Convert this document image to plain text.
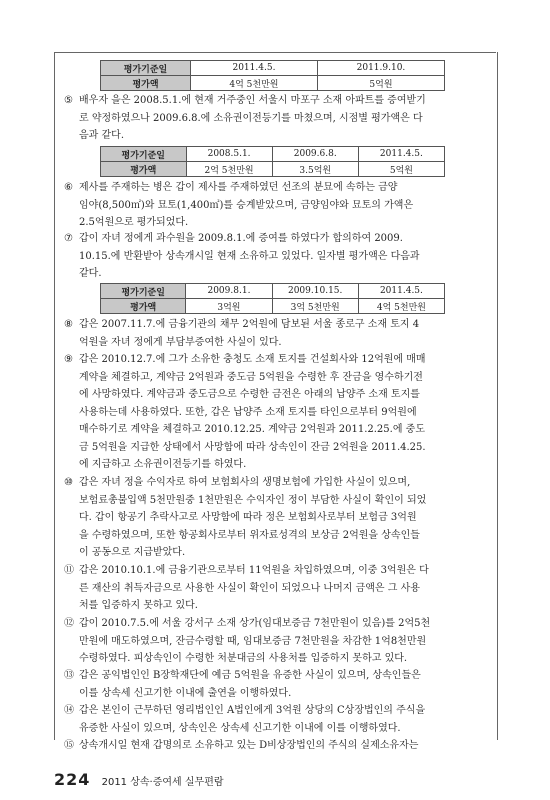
평가기준일	2011.4.5.	2011.9.10.
평가액	4억 5천만원	5억원
⑤ 배우자 을은 2008.5.1.에 현재 거주중인 서울시 마포구 소재 아파트를 증여받기
로 약정하였으나 2009.6.8.에 소유권이전등기를 마쳤으며, 시점별 평가액은 다
음과 같다.
평가기준일	2008.5.1.	2009.6.8.	2011.4.5.
평가액	2억 5천만원	3.5억원	5억원
⑥ 제사를 주재하는 병은 갑이 제사를 주재하였던 선조의 분묘에 속하는 금양
임야(8,500㎡)와 묘토(1,400㎡)를 승계받았으며, 금양임야와 묘토의 가액은
2.5억원으로 평가되었다.
⑦ 갑이 자녀 정에게 과수원을 2009.8.1.에 증여를 하였다가 합의하여 2009.
10.15.에 반환받아 상속개시일 현재 소유하고 있었다. 일자별 평가액은 다음과
같다.
평가기준일	2009.8.1.	2009.10.15.	2011.4.5.
평가액	3억원	3억 5천만원	4억 5천만원
⑧ 갑은 2007.11.7.에 금융기관의 채무 2억원에 담보된 서울 종로구 소재 토지 4
억원을 자녀 정에게 부담부증여한 사실이 있다.
⑨ 갑은 2010.12.7.에 그가 소유한 충청도 소재 토지를 건설회사와 12억원에 매매
계약을 체결하고, 계약금 2억원과 중도금 5억원을 수령한 후 잔금을 영수하기전
에 사망하였다. 계약금과 중도금으로 수령한 금전은 아래의 납양주 소재 토지를
사용하는데 사용하였다. 또한, 갑은 납양주 소재 토지를 타인으로부터 9억원에
매수하기로 계약을 체결하고 2010.12.25. 계약금 2억원과 2011.2.25.에 중도
금 5억원을 지급한 상태에서 사망함에 따라 상속인이 잔금 2억원을 2011.4.25.
에 지급하고 소유권이전등기를 하였다.
⑩ 갑은 자녀 정을 수익자로 하여 보험회사의 생명보험에 가입한 사실이 있으며,
보험료총불입액 5천만원중 1천만원은 수익자인 정이 부담한 사실이 확인이 되었
다. 갑이 항공기 추락사고로 사망함에 따라 정은 보험회사로부터 보험금 3억원
을 수령하였으며, 또한 항공회사로부터 위자료성격의 보상금 2억원을 상속인들
이 공동으로 지급받았다.
⑪ 갑은 2010.10.1.에 금융기관으로부터 11억원을 차입하였으며, 이중 3억원은 다
른 재산의 취득자금으로 사용한 사실이 확인이 되었으나 나머지 금액은 그 사용
처를 입증하지 못하고 있다.
⑫ 갑이 2010.7.5.에 서울 강서구 소재 상가(임대보증금 7천만원이 있음)를 2억5천
만원에 매도하였으며, 잔금수령할 때, 임대보증금 7천만원을 차감한 1억8천만원
수령하였다. 피상속인이 수령한 처분대금의 사용처를 입증하지 못하고 있다.
⑬ 갑은 공익법인인 B장학재단에 예금 5억원을 유증한 사실이 있으며, 상속인들은
이를 상속세 신고기한 이내에 출연을 이행하였다.
⑭ 갑은 본인이 근무하던 영리법인인 A법인에게 3억원 상당의 C상장법인의 주식을
유증한 사실이 있으며, 상속인은 상속세 신고기한 이내에 이를 이행하였다.
⑮ 상속개시일 현재 갑명의로 소유하고 있는 D비상장법인의 주식의 실제소유자는
224 2011 상속·증여세 실무편람
